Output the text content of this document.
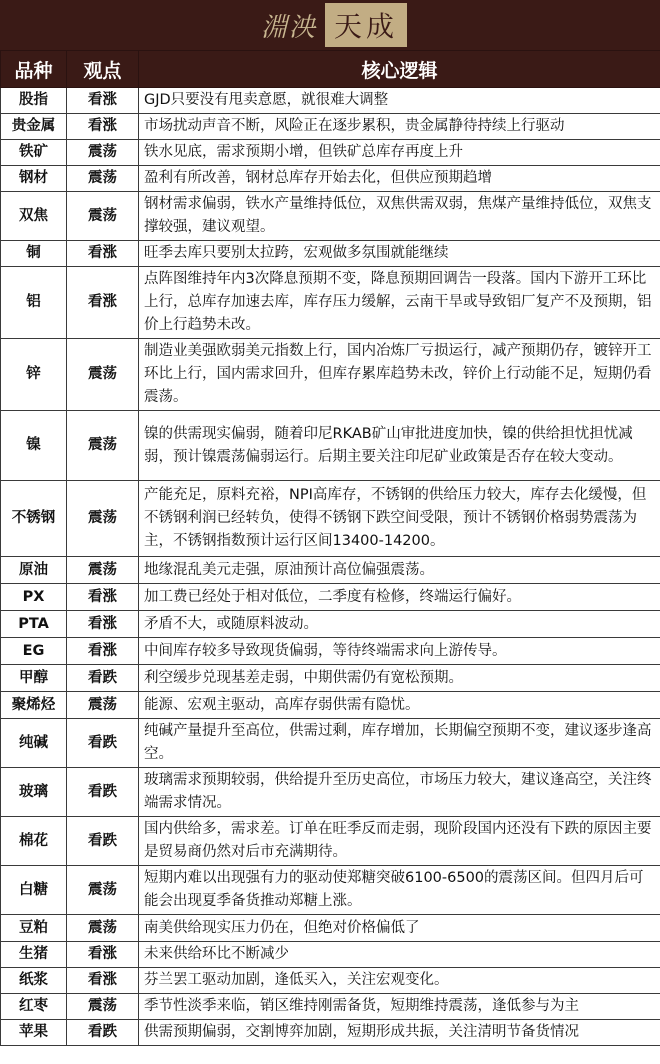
淵泱 天成
品种	观点	核心逻辑
股指	看涨	GJD只要没有甩卖意愿，就很难大调整
贵金属	看涨	市场扰动声音不断，风险正在逐步累积，贵金属静待持续上行驱动
铁矿	震荡	铁水见底，需求预期小增，但铁矿总库存再度上升
钢材	震荡	盈利有所改善，钢材总库存开始去化，但供应预期趋增
双焦	震荡	钢材需求偏弱，铁水产量维持低位，双焦供需双弱，焦煤产量维持低位，双焦支撑较强，建议观望。
铜	看涨	旺季去库只要别太拉跨，宏观做多氛围就能继续
铝	看涨	点阵图维持年内3次降息预期不变，降息预期回调告一段落。国内下游开工环比上行，总库存加速去库，库存压力缓解，云南干旱或导致铝厂复产不及预期，铝价上行趋势未改。
锌	震荡	制造业美强欧弱美元指数上行，国内冶炼厂亏损运行，减产预期仍存，镀锌开工环比上行，国内需求回升，但库存累库趋势未改，锌价上行动能不足，短期仍看震荡。
镍	震荡	镍的供需现实偏弱，随着印尼RKAB矿山审批进度加快，镍的供给担忧担忧减弱，预计镍震荡偏弱运行。后期主要关注印尼矿业政策是否存在较大变动。
不锈钢	震荡	产能充足，原料充裕，NPI高库存，不锈钢的供给压力较大，库存去化缓慢，但不锈钢利润已经转负，使得不锈钢下跌空间受限，预计不锈钢价格弱势震荡为主，不锈钢指数预计运行区间13400-14200。
原油	震荡	地缘混乱美元走强，原油预计高位偏强震荡。
PX	看涨	加工费已经处于相对低位，二季度有检修，终端运行偏好。
PTA	看涨	矛盾不大，或随原料波动。
EG	看涨	中间库存较多导致现货偏弱，等待终端需求向上游传导。
甲醇	看跌	利空缓步兑现基差走弱，中期供需仍有宽松预期。
聚烯烃	震荡	能源、宏观主驱动，高库存弱供需有隐忧。
纯碱	看跌	纯碱产量提升至高位，供需过剩，库存增加，长期偏空预期不变，建议逐步逢高空。
玻璃	看跌	玻璃需求预期较弱，供给提升至历史高位，市场压力较大，建议逢高空，关注终端需求情况。
棉花	看跌	国内供给多，需求差。订单在旺季反而走弱，现阶段国内还没有下跌的原因主要是贸易商仍然对后市充满期待。
白糖	震荡	短期内难以出现强有力的驱动使郑糖突破6100-6500的震荡区间。但四月后可能会出现夏季备货推动郑糖上涨。
豆粕	震荡	南美供给现实压力仍在，但绝对价格偏低了
生猪	看涨	未来供给环比不断减少
纸浆	看涨	芬兰罢工驱动加剧，逢低买入，关注宏观变化。
红枣	震荡	季节性淡季来临，销区维持刚需备货，短期维持震荡，逢低参与为主
苹果	看跌	供需预期偏弱，交割博弈加剧，短期形成共振，关注清明节备货情况
